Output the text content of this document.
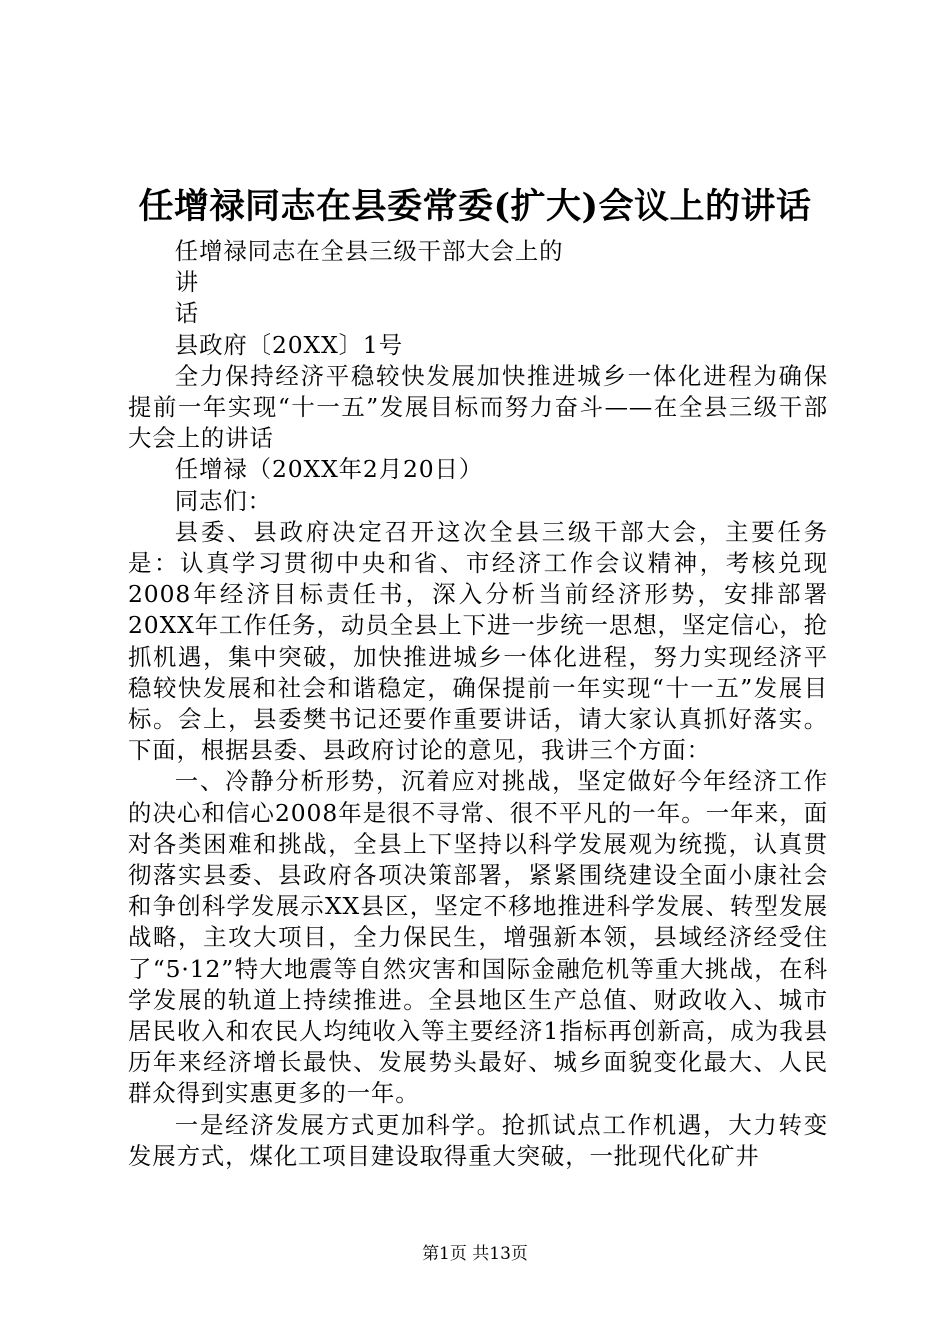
任增禄同志在县委常委(扩大)会议上的讲话

任增禄同志在全县三级干部大会上的

讲

话

县政府〔20XX〕1号

全力保持经济平稳较快发展加快推进城乡一体化进程为确保提前一年实现“十一五”发展目标而努力奋斗——在全县三级干部大会上的讲话

任增禄（20XX年2月20日）

同志们：

县委、县政府决定召开这次全县三级干部大会，主要任务是：认真学习贯彻中央和省、市经济工作会议精神，考核兑现2008年经济目标责任书，深入分析当前经济形势，安排部署20XX年工作任务，动员全县上下进一步统一思想，坚定信心，抢抓机遇，集中突破，加快推进城乡一体化进程，努力实现经济平稳较快发展和社会和谐稳定，确保提前一年实现“十一五”发展目标。会上，县委樊书记还要作重要讲话，请大家认真抓好落实。下面，根据县委、县政府讨论的意见，我讲三个方面：

一、冷静分析形势，沉着应对挑战，坚定做好今年经济工作的决心和信心2008年是很不寻常、很不平凡的一年。一年来，面对各类困难和挑战，全县上下坚持以科学发展观为统揽，认真贯彻落实县委、县政府各项决策部署，紧紧围绕建设全面小康社会和争创科学发展示XX县区，坚定不移地推进科学发展、转型发展战略，主攻大项目，全力保民生，增强新本领，县域经济经受住了“5·12”特大地震等自然灾害和国际金融危机等重大挑战，在科学发展的轨道上持续推进。全县地区生产总值、财政收入、城市居民收入和农民人均纯收入等主要经济1指标再创新高，成为我县历年来经济增长最快、发展势头最好、城乡面貌变化最大、人民群众得到实惠更多的一年。

一是经济发展方式更加科学。抢抓试点工作机遇，大力转变发展方式，煤化工项目建设取得重大突破，一批现代化矿井

第1页 共13页
